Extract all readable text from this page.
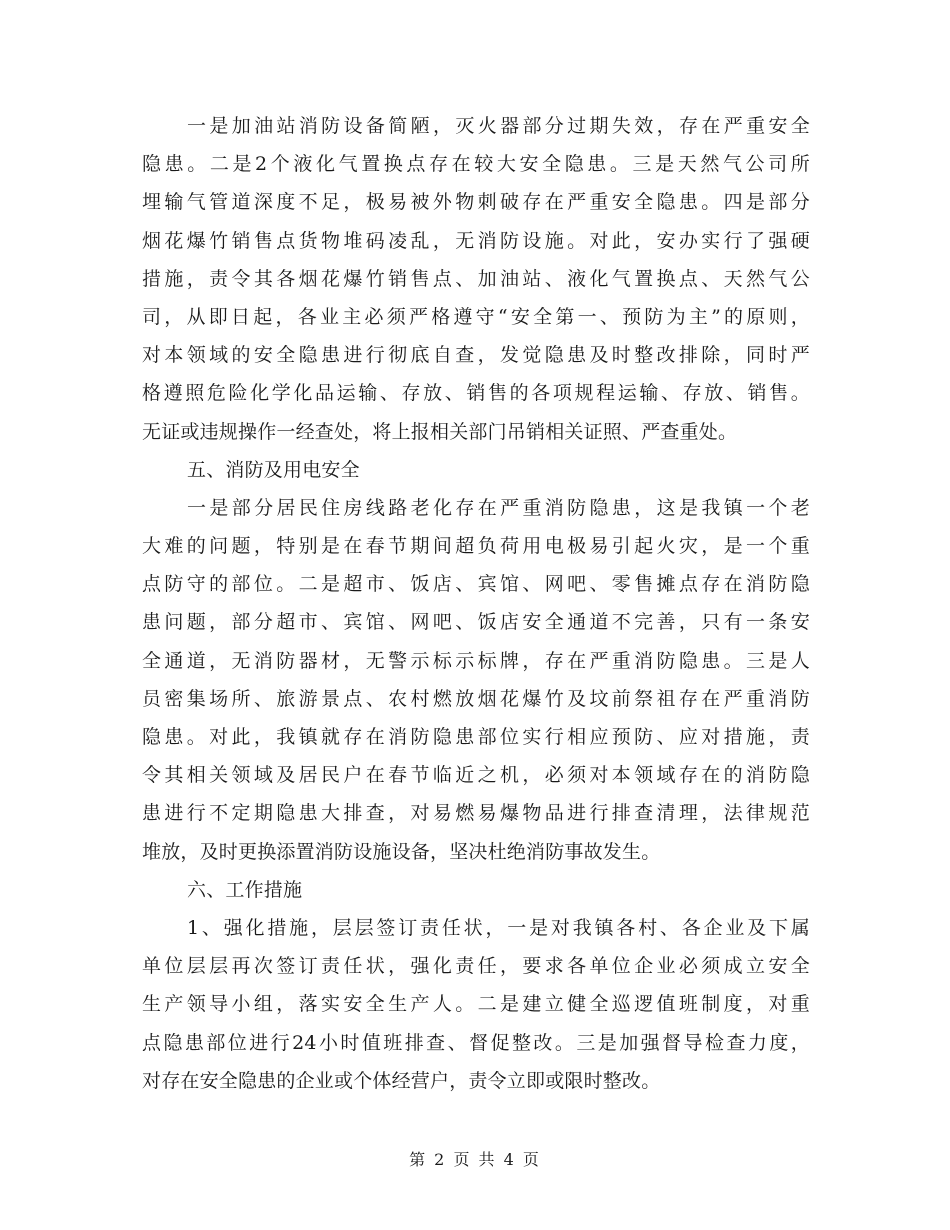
一是加油站消防设备简陋，灭火器部分过期失效，存在严重安全
隐患。二是2个液化气置换点存在较大安全隐患。三是天然气公司所
埋输气管道深度不足，极易被外物刺破存在严重安全隐患。四是部分
烟花爆竹销售点货物堆码凌乱，无消防设施。对此，安办实行了强硬
措施，责令其各烟花爆竹销售点、加油站、液化气置换点、天然气公
司，从即日起，各业主必须严格遵守“安全第一、预防为主”的原则，
对本领域的安全隐患进行彻底自查，发觉隐患及时整改排除，同时严
格遵照危险化学化品运输、存放、销售的各项规程运输、存放、销售。
无证或违规操作一经查处，将上报相关部门吊销相关证照、严查重处。
五、消防及用电安全
一是部分居民住房线路老化存在严重消防隐患，这是我镇一个老
大难的问题，特别是在春节期间超负荷用电极易引起火灾，是一个重
点防守的部位。二是超市、饭店、宾馆、网吧、零售摊点存在消防隐
患问题，部分超市、宾馆、网吧、饭店安全通道不完善，只有一条安
全通道，无消防器材，无警示标示标牌，存在严重消防隐患。三是人
员密集场所、旅游景点、农村燃放烟花爆竹及坟前祭祖存在严重消防
隐患。对此，我镇就存在消防隐患部位实行相应预防、应对措施，责
令其相关领域及居民户在春节临近之机，必须对本领域存在的消防隐
患进行不定期隐患大排查，对易燃易爆物品进行排查清理，法律规范
堆放，及时更换添置消防设施设备，坚决杜绝消防事故发生。
六、工作措施
1、强化措施，层层签订责任状，一是对我镇各村、各企业及下属
单位层层再次签订责任状，强化责任，要求各单位企业必须成立安全
生产领导小组，落实安全生产人。二是建立健全巡逻值班制度，对重
点隐患部位进行24小时值班排查、督促整改。三是加强督导检查力度，
对存在安全隐患的企业或个体经营户，责令立即或限时整改。
第 2 页 共 4 页
